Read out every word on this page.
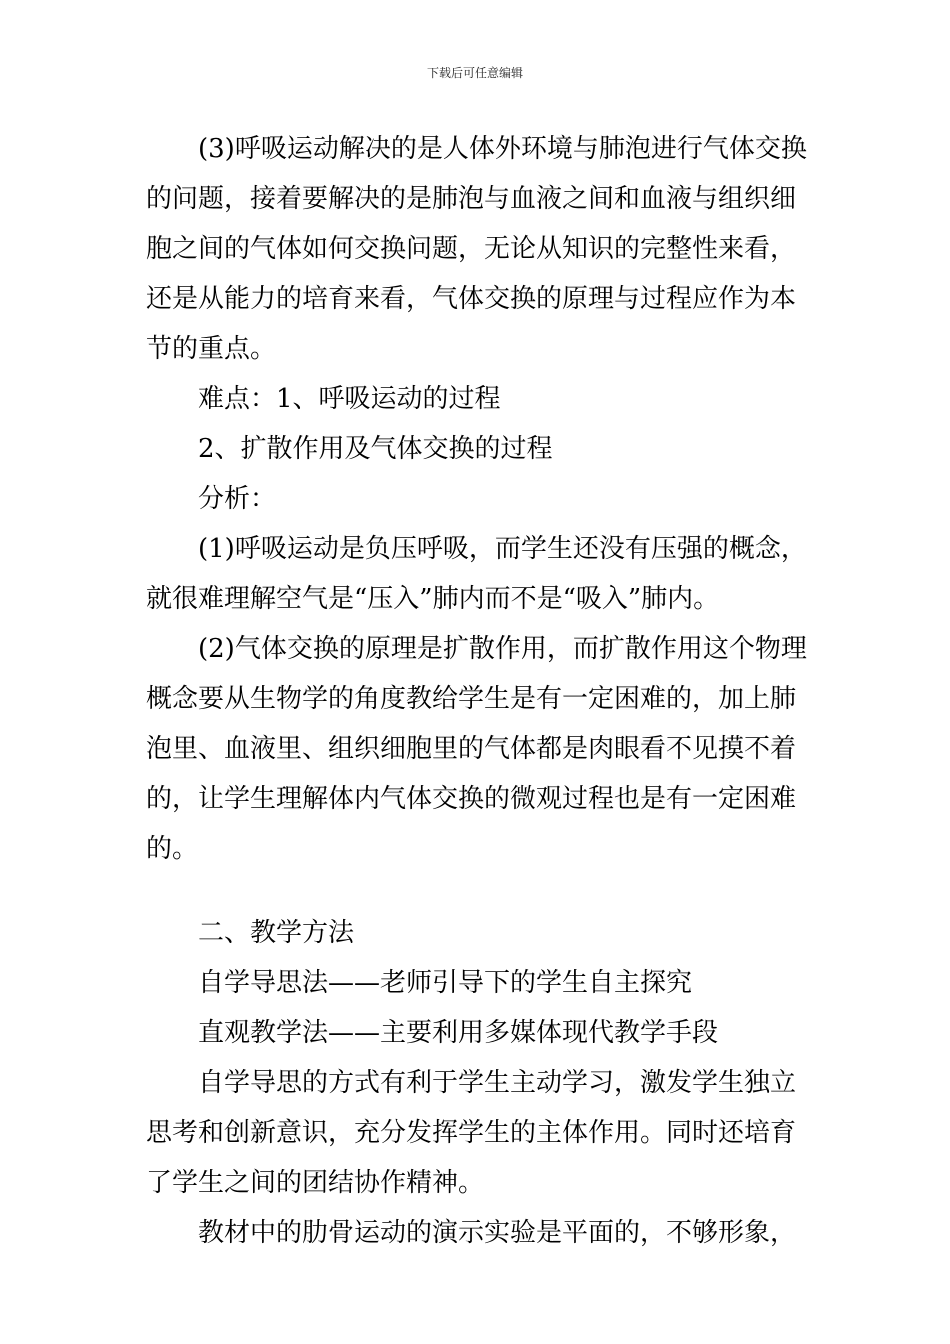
下载后可任意编辑

(3)呼吸运动解决的是人体外环境与肺泡进行气体交换的问题，接着要解决的是肺泡与血液之间和血液与组织细胞之间的气体如何交换问题，无论从知识的完整性来看，还是从能力的培育来看，气体交换的原理与过程应作为本节的重点。

难点：1、呼吸运动的过程

2、扩散作用及气体交换的过程

分析：

(1)呼吸运动是负压呼吸，而学生还没有压强的概念，就很难理解空气是“压入”肺内而不是“吸入”肺内。

(2)气体交换的原理是扩散作用，而扩散作用这个物理概念要从生物学的角度教给学生是有一定困难的，加上肺泡里、血液里、组织细胞里的气体都是肉眼看不见摸不着的，让学生理解体内气体交换的微观过程也是有一定困难的。

二、教学方法

自学导思法——老师引导下的学生自主探究

直观教学法——主要利用多媒体现代教学手段

自学导思的方式有利于学生主动学习，激发学生独立思考和创新意识，充分发挥学生的主体作用。同时还培育了学生之间的团结协作精神。

教材中的肋骨运动的演示实验是平面的，不够形象，
